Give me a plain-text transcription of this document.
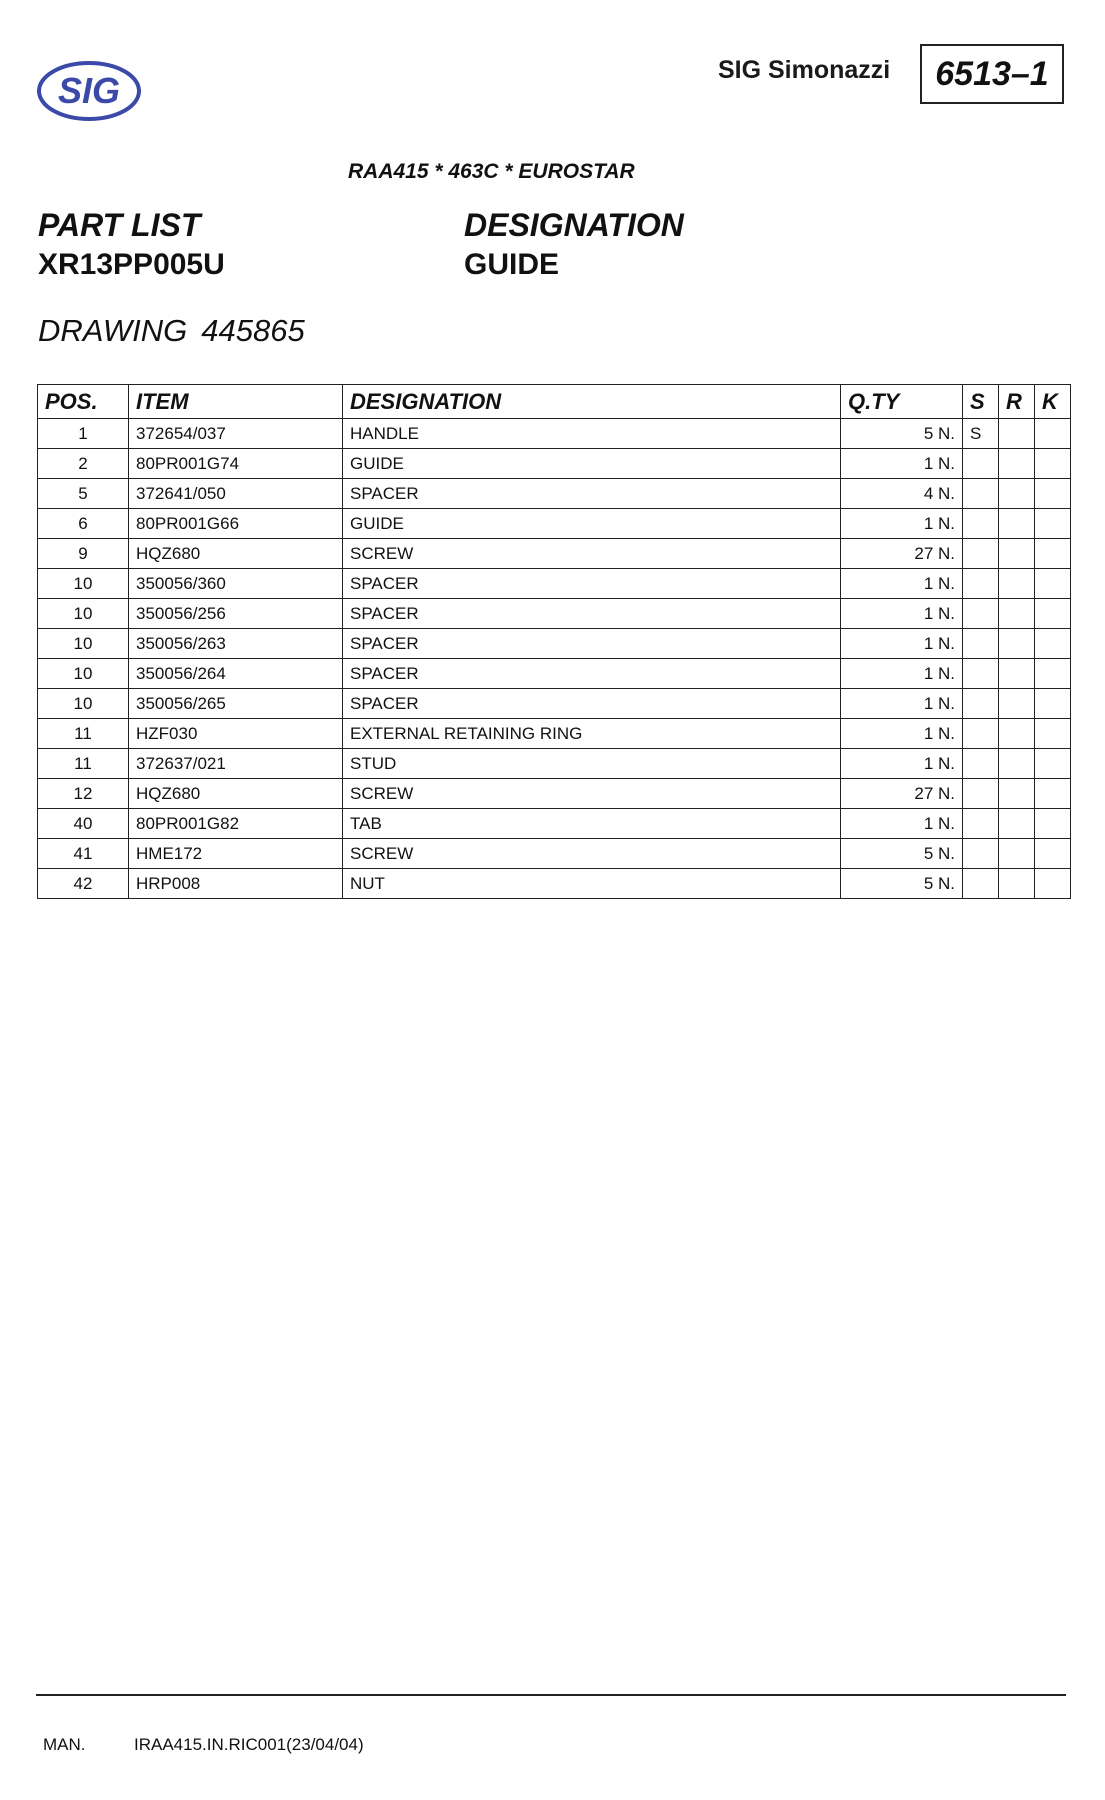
SIG	SIG Simonazzi	6513–1
RAA415 * 463C * EUROSTAR
PART LIST
XR13PP005U
DESIGNATION
GUIDE
DRAWING 445865
POS.	ITEM	DESIGNATION	Q.TY	S	R	K
1	372654/037	HANDLE	5 N.	S		
2	80PR001G74	GUIDE	1 N.			
5	372641/050	SPACER	4 N.			
6	80PR001G66	GUIDE	1 N.			
9	HQZ680	SCREW	27 N.			
10	350056/360	SPACER	1 N.			
10	350056/256	SPACER	1 N.			
10	350056/263	SPACER	1 N.			
10	350056/264	SPACER	1 N.			
10	350056/265	SPACER	1 N.			
11	HZF030	EXTERNAL RETAINING RING	1 N.			
11	372637/021	STUD	1 N.			
12	HQZ680	SCREW	27 N.			
40	80PR001G82	TAB	1 N.			
41	HME172	SCREW	5 N.			
42	HRP008	NUT	5 N.			
MAN.	IRAA415.IN.RIC001(23/04/04)
